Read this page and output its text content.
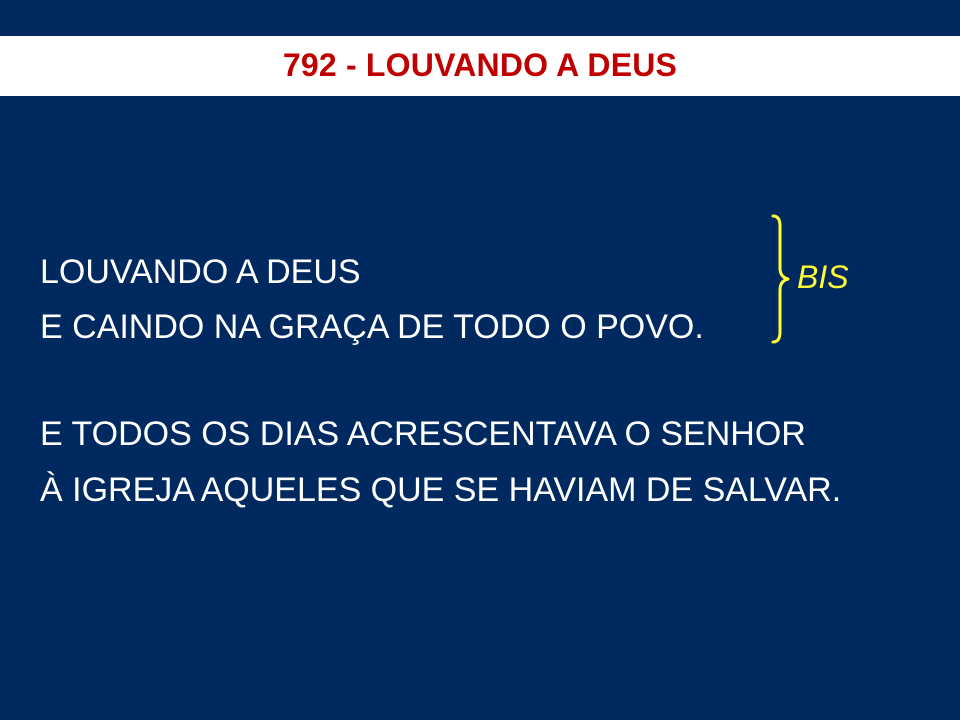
792 - LOUVANDO A DEUS
LOUVANDO A DEUS
E CAINDO NA GRAÇA DE TODO O POVO.
BIS
E TODOS OS DIAS ACRESCENTAVA O SENHOR
À IGREJA AQUELES QUE SE HAVIAM DE SALVAR.
